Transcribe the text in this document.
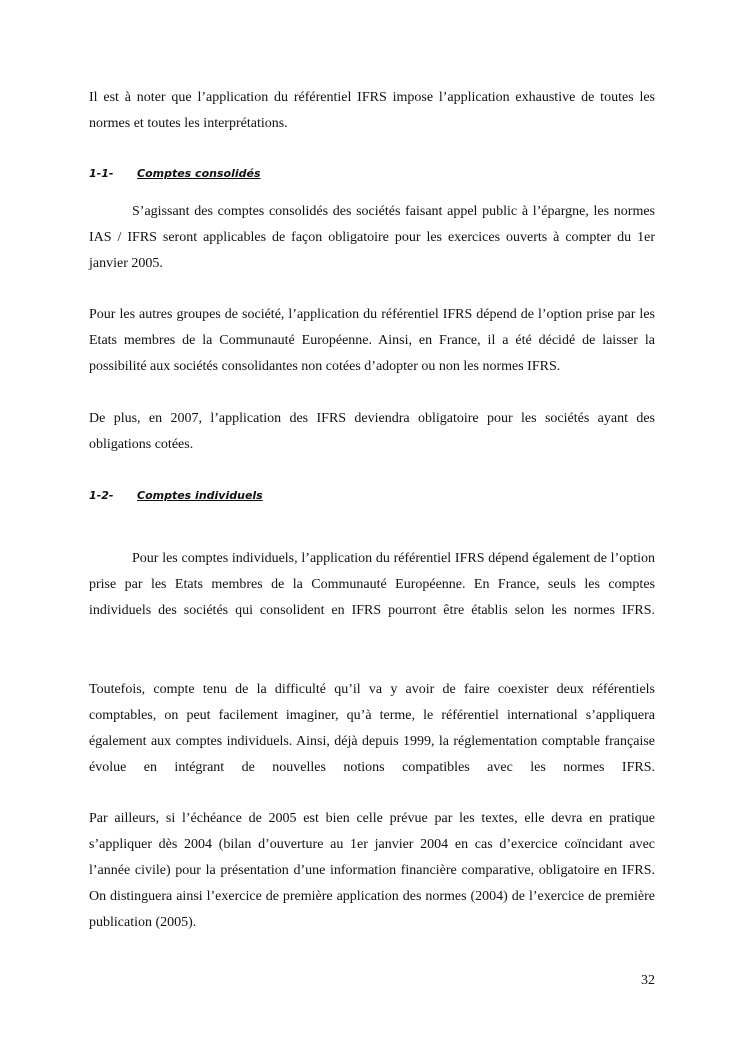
Il est à noter que l’application du référentiel IFRS impose l’application exhaustive de toutes les normes et toutes les interprétations.

1-1- Comptes consolidés

S’agissant des comptes consolidés des sociétés faisant appel public à l’épargne, les normes IAS / IFRS seront applicables de façon obligatoire pour les exercices ouverts à compter du 1er janvier 2005.

Pour les autres groupes de société, l’application du référentiel IFRS dépend de l’option prise par les Etats membres de la Communauté Européenne. Ainsi, en France, il a été décidé de laisser la possibilité aux sociétés consolidantes non cotées d’adopter ou non les normes IFRS.

De plus, en 2007, l’application des IFRS deviendra obligatoire pour les sociétés ayant des obligations cotées.

1-2- Comptes individuels

Pour les comptes individuels, l’application du référentiel IFRS dépend également de l’option prise par les Etats membres de la Communauté Européenne. En France, seuls les comptes individuels des sociétés qui consolident en IFRS pourront être établis selon les normes IFRS.

Toutefois, compte tenu de la difficulté qu’il va y avoir de faire coexister deux référentiels comptables, on peut facilement imaginer, qu’à terme, le référentiel international s’appliquera également aux comptes individuels. Ainsi, déjà depuis 1999, la réglementation comptable française évolue en intégrant de nouvelles notions compatibles avec les normes IFRS.

Par ailleurs, si l’échéance de 2005 est bien celle prévue par les textes, elle devra en pratique s’appliquer dès 2004 (bilan d’ouverture au 1er janvier 2004 en cas d’exercice coïncidant avec l’année civile) pour la présentation d’une information financière comparative, obligatoire en IFRS. On distinguera ainsi l’exercice de première application des normes (2004) de l’exercice de première publication (2005).

32
